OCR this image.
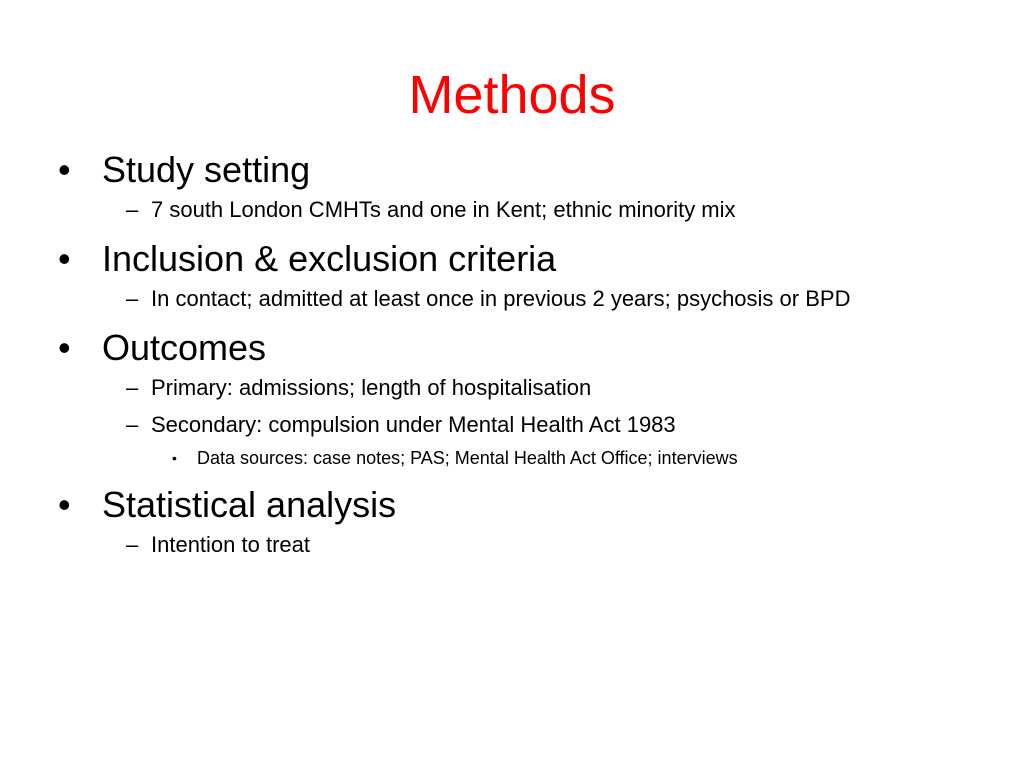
Methods
• Study setting
– 7 south London CMHTs and one in Kent; ethnic minority mix
• Inclusion & exclusion criteria
– In contact; admitted at least once in previous 2 years; psychosis or BPD
• Outcomes
– Primary: admissions; length of hospitalisation
– Secondary: compulsion under Mental Health Act 1983
• Data sources: case notes; PAS; Mental Health Act Office; interviews
• Statistical analysis
– Intention to treat
